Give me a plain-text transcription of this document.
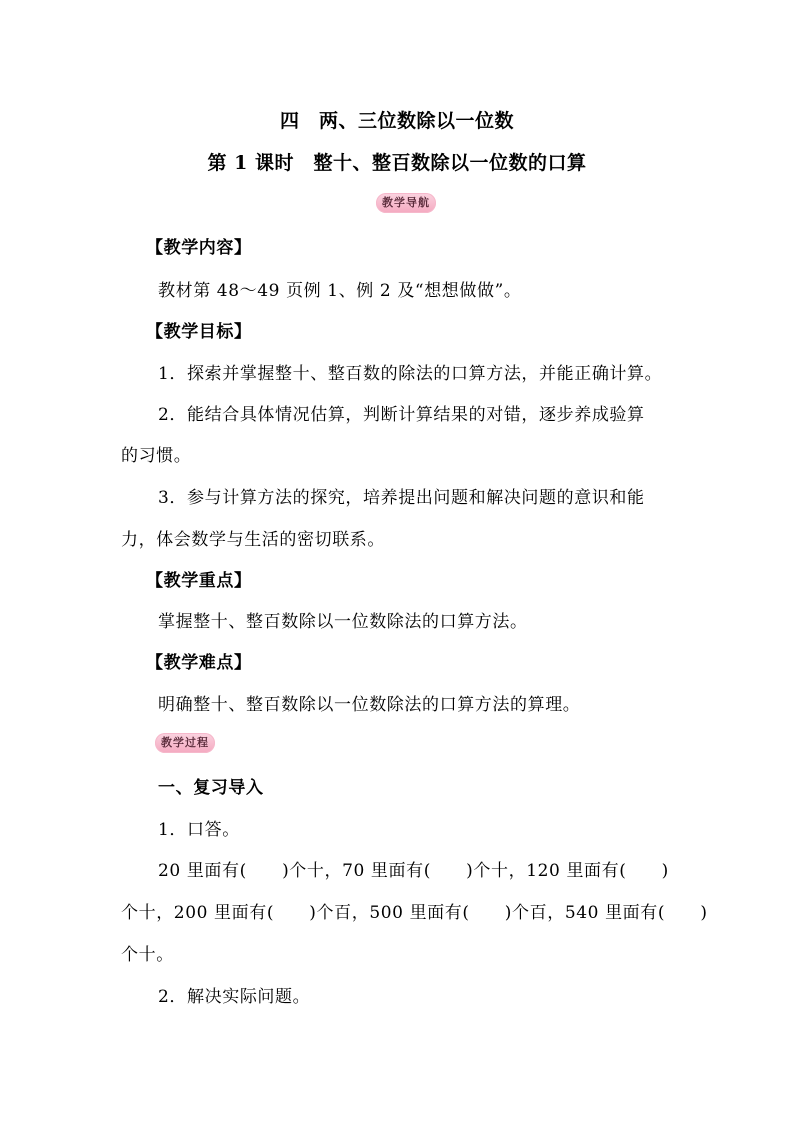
四　两、三位数除以一位数
第 1 课时　整十、整百数除以一位数的口算
教学导航
【教学内容】
教材第 48～49 页例 1、例 2 及“想想做做”。
【教学目标】
1．探索并掌握整十、整百数的除法的口算方法，并能正确计算。
2．能结合具体情况估算，判断计算结果的对错，逐步养成验算
的习惯。
3．参与计算方法的探究，培养提出问题和解决问题的意识和能
力，体会数学与生活的密切联系。
【教学重点】
掌握整十、整百数除以一位数除法的口算方法。
【教学难点】
明确整十、整百数除以一位数除法的口算方法的算理。
教学过程
一、复习导入
1．口答。
20 里面有(　　)个十，70 里面有(　　)个十，120 里面有(　　)
个十，200 里面有(　　)个百，500 里面有(　　)个百，540 里面有(　　)
个十。
2．解决实际问题。
